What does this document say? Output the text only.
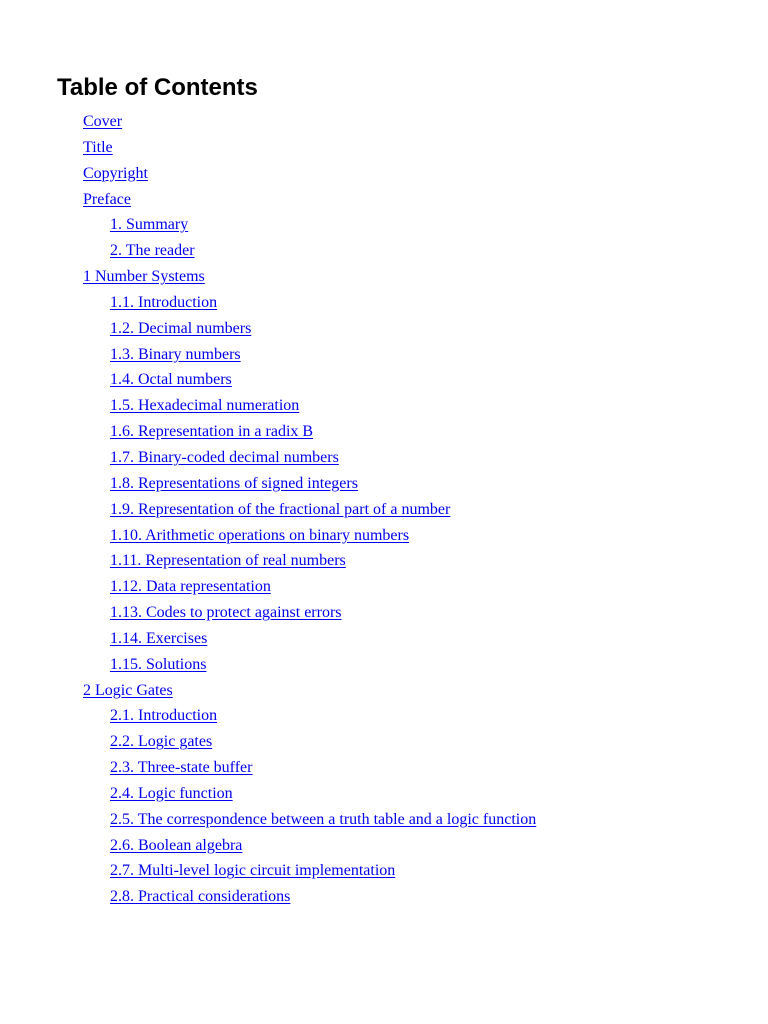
Table of Contents
Cover
Title
Copyright
Preface
1. Summary
2. The reader
1 Number Systems
1.1. Introduction
1.2. Decimal numbers
1.3. Binary numbers
1.4. Octal numbers
1.5. Hexadecimal numeration
1.6. Representation in a radix B
1.7. Binary-coded decimal numbers
1.8. Representations of signed integers
1.9. Representation of the fractional part of a number
1.10. Arithmetic operations on binary numbers
1.11. Representation of real numbers
1.12. Data representation
1.13. Codes to protect against errors
1.14. Exercises
1.15. Solutions
2 Logic Gates
2.1. Introduction
2.2. Logic gates
2.3. Three-state buffer
2.4. Logic function
2.5. The correspondence between a truth table and a logic function
2.6. Boolean algebra
2.7. Multi-level logic circuit implementation
2.8. Practical considerations
